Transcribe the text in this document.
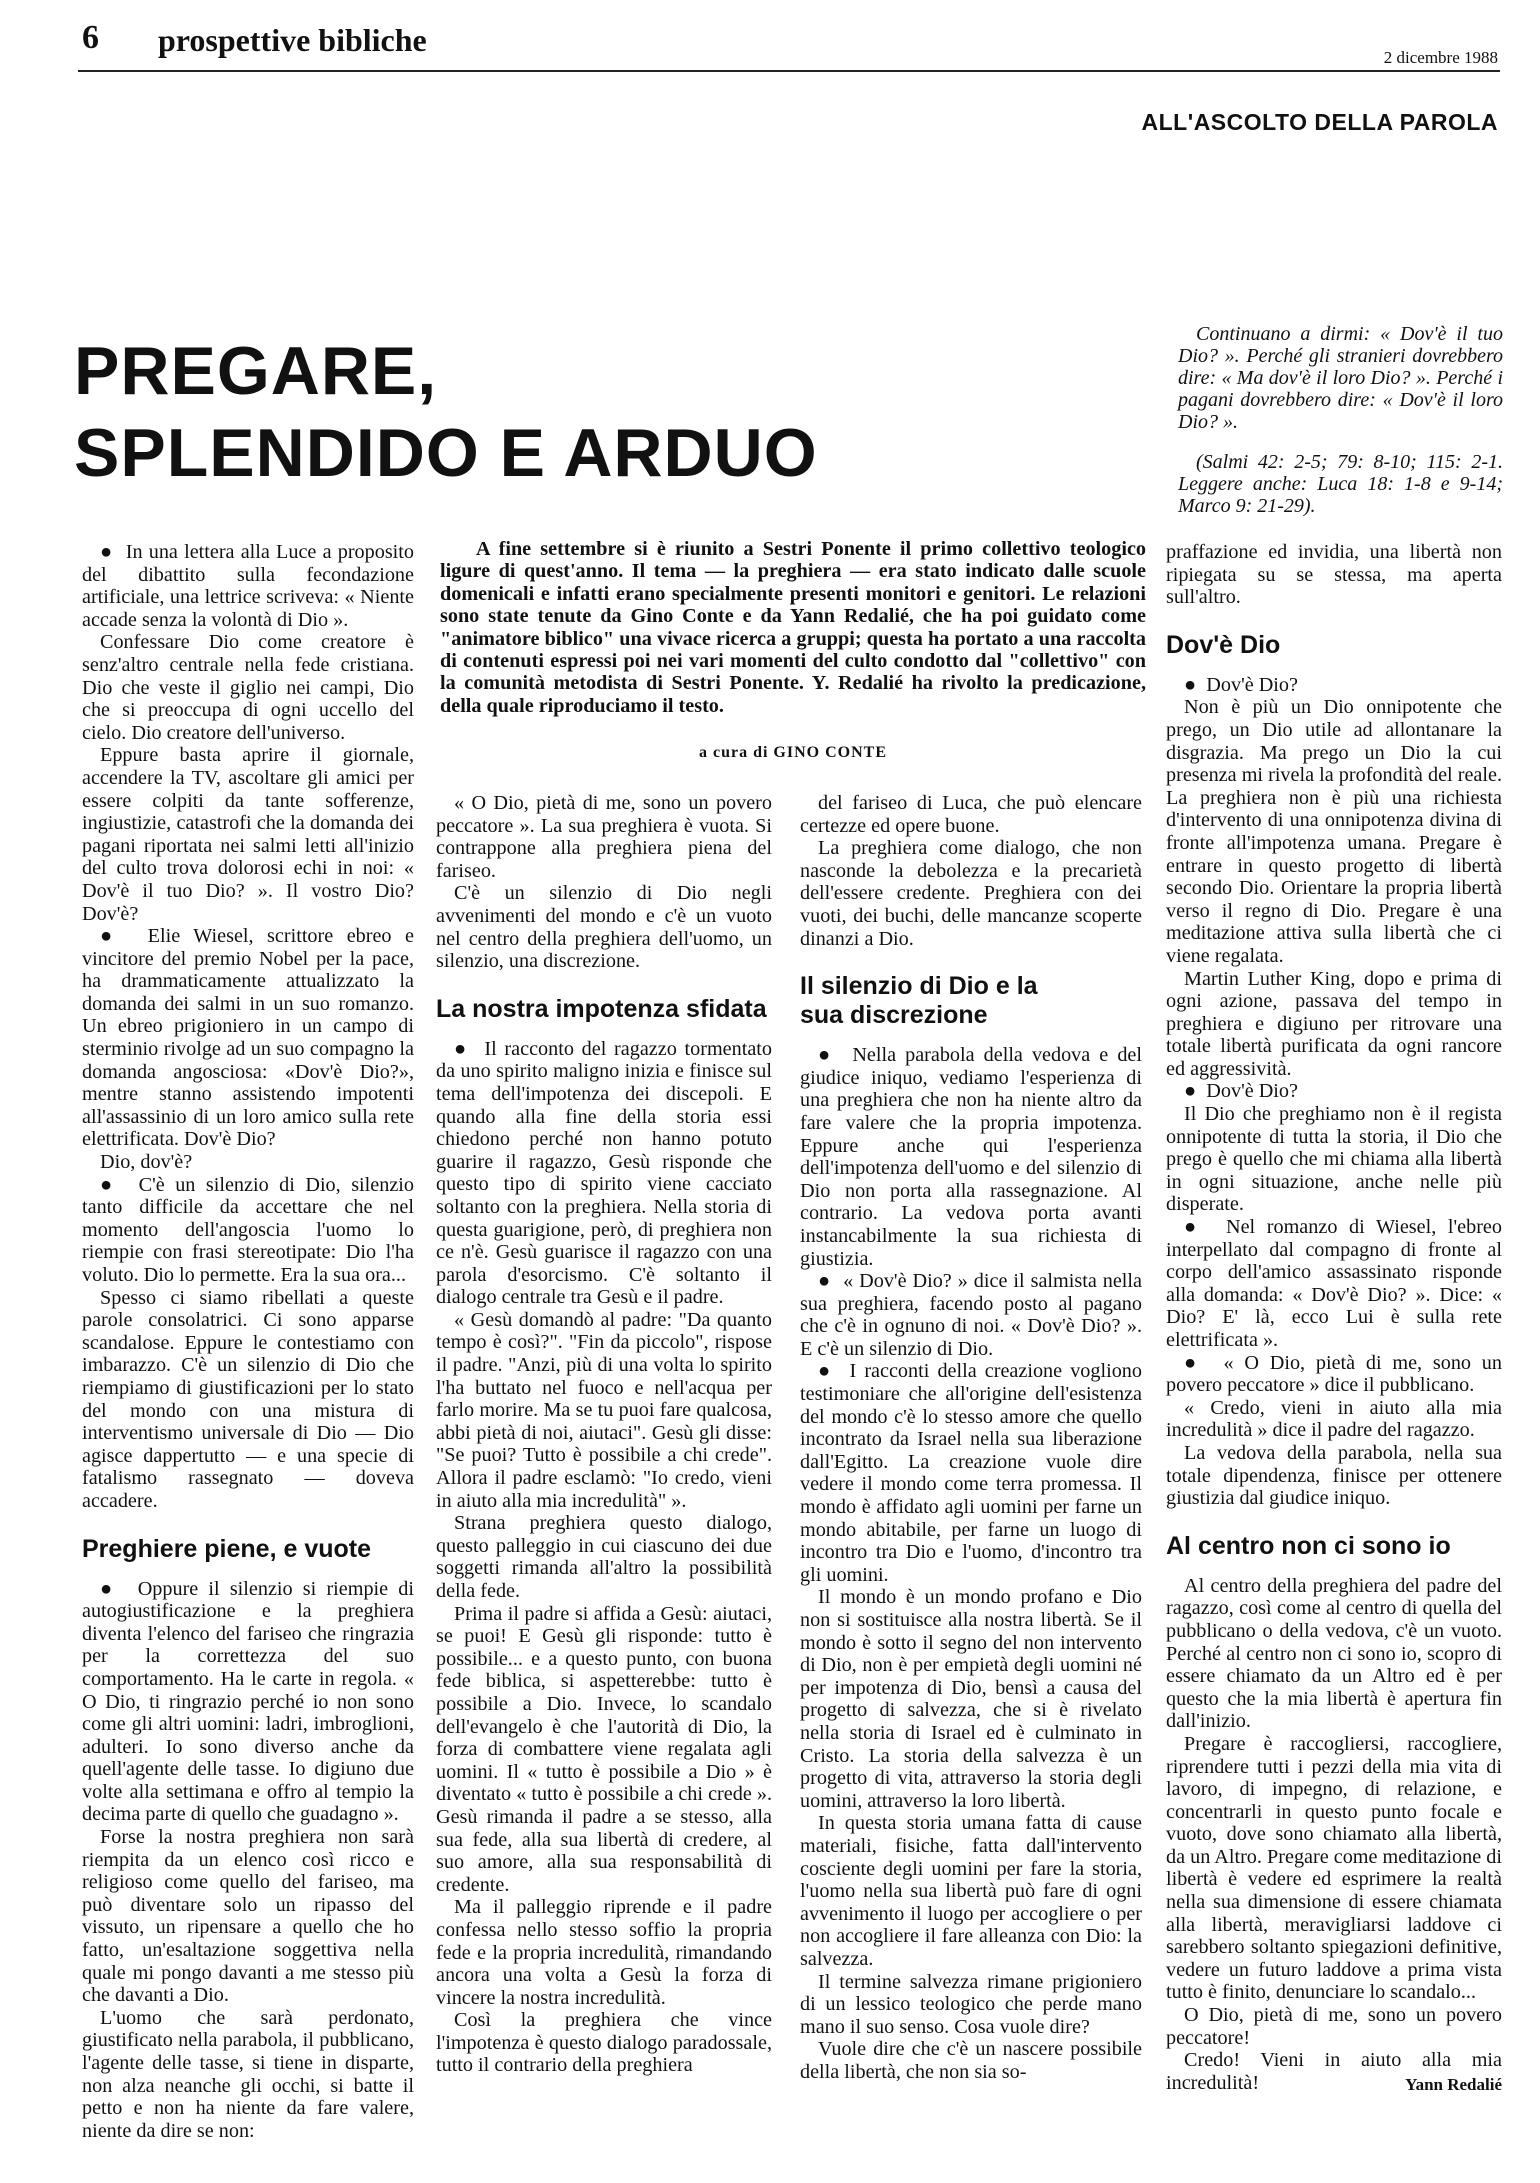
6 prospettive bibliche	2 dicembre 1988
ALL'ASCOLTO DELLA PAROLA
PREGARE,
SPLENDIDO E ARDUO

Continuano a dirmi: « Dov'è il tuo Dio? ». Perché gli stranieri dovrebbero dire: « Ma dov'è il loro Dio? ». Perché i pagani dovrebbero dire: « Dov'è il loro Dio? ».

(Salmi 42: 2-5; 79: 8-10; 115: 2-1. Leggere anche: Luca 18: 1-8 e 9-14; Marco 9: 21-29).

A fine settembre si è riunito a Sestri Ponente il primo collettivo teologico ligure di quest'anno. Il tema — la preghiera — era stato indicato dalle scuole domenicali e infatti erano specialmente presenti monitori e genitori. Le relazioni sono state tenute da Gino Conte e da Yann Redalié, che ha poi guidato come "animatore biblico" una vivace ricerca a gruppi; questa ha portato a una raccolta di contenuti espressi poi nei vari momenti del culto condotto dal "collettivo" con la comunità metodista di Sestri Ponente. Y. Redalié ha rivolto la predicazione, della quale riproduciamo il testo.

a cura di GINO CONTE

●  In una lettera alla Luce a proposito del dibattito sulla fecondazione artificiale, una lettrice scriveva: « Niente accade senza la volontà di Dio ».

Confessare Dio come creatore è senz'altro centrale nella fede cristiana. Dio che veste il giglio nei campi, Dio che si preoccupa di ogni uccello del cielo. Dio creatore dell'universo.

Eppure basta aprire il giornale, accendere la TV, ascoltare gli amici per essere colpiti da tante sofferenze, ingiustizie, catastrofi che la domanda dei pagani riportata nei salmi letti all'inizio del culto trova dolorosi echi in noi: « Dov'è il tuo Dio? ». Il vostro Dio? Dov'è?

●  Elie Wiesel, scrittore ebreo e vincitore del premio Nobel per la pace, ha drammaticamente attualizzato la domanda dei salmi in un suo romanzo. Un ebreo prigioniero in un campo di sterminio rivolge ad un suo compagno la domanda angosciosa: «Dov'è Dio?», mentre stanno assistendo impotenti all'assassinio di un loro amico sulla rete elettrificata. Dov'è Dio?

Dio, dov'è?

●  C'è un silenzio di Dio, silenzio tanto difficile da accettare che nel momento dell'angoscia l'uomo lo riempie con frasi stereotipate: Dio l'ha voluto. Dio lo permette. Era la sua ora...

Spesso ci siamo ribellati a queste parole consolatrici. Ci sono apparse scandalose. Eppure le contestiamo con imbarazzo. C'è un silenzio di Dio che riempiamo di giustificazioni per lo stato del mondo con una mistura di interventismo universale di Dio — Dio agisce dappertutto — e una specie di fatalismo rassegnato — doveva accadere.

Preghiere piene, e vuote

●  Oppure il silenzio si riempie di autogiustificazione e la preghiera diventa l'elenco del fariseo che ringrazia per la correttezza del suo comportamento. Ha le carte in regola. « O Dio, ti ringrazio perché io non sono come gli altri uomini: ladri, imbroglioni, adulteri. Io sono diverso anche da quell'agente delle tasse. Io digiuno due volte alla settimana e offro al tempio la decima parte di quello che guadagno ».

Forse la nostra preghiera non sarà riempita da un elenco così ricco e religioso come quello del fariseo, ma può diventare solo un ripasso del vissuto, un ripensare a quello che ho fatto, un'esaltazione soggettiva nella quale mi pongo davanti a me stesso più che davanti a Dio.

L'uomo che sarà perdonato, giustificato nella parabola, il pubblicano, l'agente delle tasse, si tiene in disparte, non alza neanche gli occhi, si batte il petto e non ha niente da fare valere, niente da dire se non:

« O Dio, pietà di me, sono un povero peccatore ». La sua preghiera è vuota. Si contrappone alla preghiera piena del fariseo.

C'è un silenzio di Dio negli avvenimenti del mondo e c'è un vuoto nel centro della preghiera dell'uomo, un silenzio, una discrezione.

La nostra impotenza sfidata

●  Il racconto del ragazzo tormentato da uno spirito maligno inizia e finisce sul tema dell'impotenza dei discepoli. E quando alla fine della storia essi chiedono perché non hanno potuto guarire il ragazzo, Gesù risponde che questo tipo di spirito viene cacciato soltanto con la preghiera. Nella storia di questa guarigione, però, di preghiera non ce n'è. Gesù guarisce il ragazzo con una parola d'esorcismo. C'è soltanto il dialogo centrale tra Gesù e il padre.

« Gesù domandò al padre: "Da quanto tempo è così?". "Fin da piccolo", rispose il padre. "Anzi, più di una volta lo spirito l'ha buttato nel fuoco e nell'acqua per farlo morire. Ma se tu puoi fare qualcosa, abbi pietà di noi, aiutaci". Gesù gli disse: "Se puoi? Tutto è possibile a chi crede". Allora il padre esclamò: "Io credo, vieni in aiuto alla mia incredulità" ».

Strana preghiera questo dialogo, questo palleggio in cui ciascuno dei due soggetti rimanda all'altro la possibilità della fede.

Prima il padre si affida a Gesù: aiutaci, se puoi! E Gesù gli risponde: tutto è possibile... e a questo punto, con buona fede biblica, si aspetterebbe: tutto è possibile a Dio. Invece, lo scandalo dell'evangelo è che l'autorità di Dio, la forza di combattere viene regalata agli uomini. Il « tutto è possibile a Dio » è diventato « tutto è possibile a chi crede ». Gesù rimanda il padre a se stesso, alla sua fede, alla sua libertà di credere, al suo amore, alla sua responsabilità di credente.

Ma il palleggio riprende e il padre confessa nello stesso soffio la propria fede e la propria incredulità, rimandando ancora una volta a Gesù la forza di vincere la nostra incredulità.

Così la preghiera che vince l'impotenza è questo dialogo paradossale, tutto il contrario della preghiera

del fariseo di Luca, che può elencare certezze ed opere buone.

La preghiera come dialogo, che non nasconde la debolezza e la precarietà dell'essere credente. Preghiera con dei vuoti, dei buchi, delle mancanze scoperte dinanzi a Dio.

Il silenzio di Dio e la sua discrezione

●  Nella parabola della vedova e del giudice iniquo, vediamo l'esperienza di una preghiera che non ha niente altro da fare valere che la propria impotenza. Eppure anche qui l'esperienza dell'impotenza dell'uomo e del silenzio di Dio non porta alla rassegnazione. Al contrario. La vedova porta avanti instancabilmente la sua richiesta di giustizia.

●  « Dov'è Dio? » dice il salmista nella sua preghiera, facendo posto al pagano che c'è in ognuno di noi. « Dov'è Dio? ». E c'è un silenzio di Dio.

●  I racconti della creazione vogliono testimoniare che all'origine dell'esistenza del mondo c'è lo stesso amore che quello incontrato da Israel nella sua liberazione dall'Egitto. La creazione vuole dire vedere il mondo come terra promessa. Il mondo è affidato agli uomini per farne un mondo abitabile, per farne un luogo di incontro tra Dio e l'uomo, d'incontro tra gli uomini.

Il mondo è un mondo profano e Dio non si sostituisce alla nostra libertà. Se il mondo è sotto il segno del non intervento di Dio, non è per empietà degli uomini né per impotenza di Dio, bensì a causa del progetto di salvezza, che si è rivelato nella storia di Israel ed è culminato in Cristo. La storia della salvezza è un progetto di vita, attraverso la storia degli uomini, attraverso la loro libertà.

In questa storia umana fatta di cause materiali, fisiche, fatta dall'intervento cosciente degli uomini per fare la storia, l'uomo nella sua libertà può fare di ogni avvenimento il luogo per accogliere o per non accogliere il fare alleanza con Dio: la salvezza.

Il termine salvezza rimane prigioniero di un lessico teologico che perde mano mano il suo senso. Cosa vuole dire?

Vuole dire che c'è un nascere possibile della libertà, che non sia so-

praffazione ed invidia, una libertà non ripiegata su se stessa, ma aperta sull'altro.

Dov'è Dio

●  Dov'è Dio?

Non è più un Dio onnipotente che prego, un Dio utile ad allontanare la disgrazia. Ma prego un Dio la cui presenza mi rivela la profondità del reale. La preghiera non è più una richiesta d'intervento di una onnipotenza divina di fronte all'impotenza umana. Pregare è entrare in questo progetto di libertà secondo Dio. Orientare la propria libertà verso il regno di Dio. Pregare è una meditazione attiva sulla libertà che ci viene regalata.

Martin Luther King, dopo e prima di ogni azione, passava del tempo in preghiera e digiuno per ritrovare una totale libertà purificata da ogni rancore ed aggressività.

●  Dov'è Dio?

Il Dio che preghiamo non è il regista onnipotente di tutta la storia, il Dio che prego è quello che mi chiama alla libertà in ogni situazione, anche nelle più disperate.

●  Nel romanzo di Wiesel, l'ebreo interpellato dal compagno di fronte al corpo dell'amico assassinato risponde alla domanda: « Dov'è Dio? ». Dice: « Dio? E' là, ecco Lui è sulla rete elettrificata ».

●  « O Dio, pietà di me, sono un povero peccatore » dice il pubblicano.

« Credo, vieni in aiuto alla mia incredulità » dice il padre del ragazzo.

La vedova della parabola, nella sua totale dipendenza, finisce per ottenere giustizia dal giudice iniquo.

Al centro non ci sono io

Al centro della preghiera del padre del ragazzo, così come al centro di quella del pubblicano o della vedova, c'è un vuoto. Perché al centro non ci sono io, scopro di essere chiamato da un Altro ed è per questo che la mia libertà è apertura fin dall'inizio.

Pregare è raccogliersi, raccogliere, riprendere tutti i pezzi della mia vita di lavoro, di impegno, di relazione, e concentrarli in questo punto focale e vuoto, dove sono chiamato alla libertà, da un Altro. Pregare come meditazione di libertà è vedere ed esprimere la realtà nella sua dimensione di essere chiamata alla libertà, meravigliarsi laddove ci sarebbero soltanto spiegazioni definitive, vedere un futuro laddove a prima vista tutto è finito, denunciare lo scandalo...

O Dio, pietà di me, sono un povero peccatore!

Credo! Vieni in aiuto alla mia incredulità!	Yann Redalié
